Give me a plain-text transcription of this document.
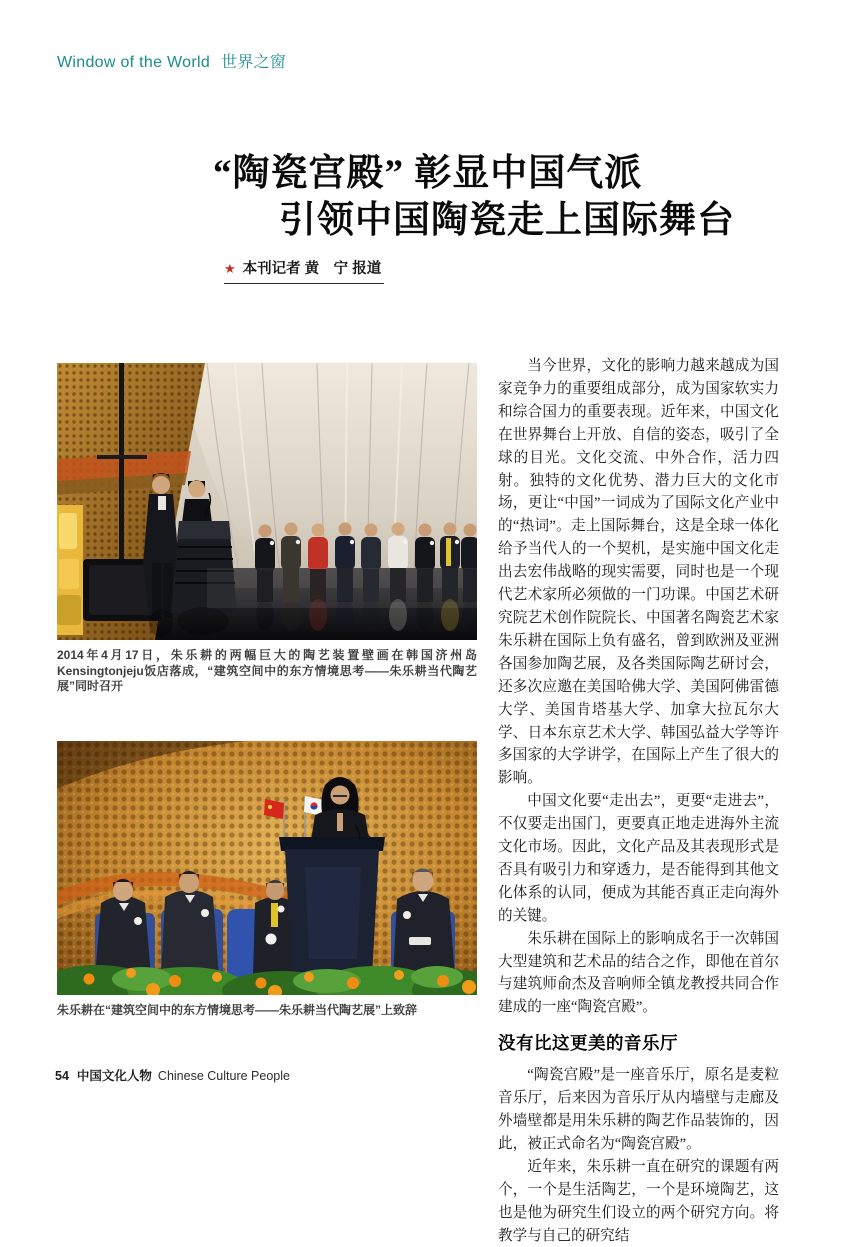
Window of the World 世界之窗
“陶瓷宫殿” 彰显中国气派
引领中国陶瓷走上国际舞台
★ 本刊记者 黄　宁 报道
2014年4月17日，朱乐耕的两幅巨大的陶艺装置壁画在韩国济州岛Kensingtonjeju饭店落成，“建筑空间中的东方情境思考——朱乐耕当代陶艺展”同时召开
朱乐耕在“建筑空间中的东方情境思考——朱乐耕当代陶艺展”上致辞

当今世界，文化的影响力越来越成为国家竞争力的重要组成部分，成为国家软实力和综合国力的重要表现。近年来，中国文化在世界舞台上开放、自信的姿态，吸引了全球的目光。文化交流、中外合作，活力四射。独特的文化优势、潜力巨大的文化市场，更让“中国”一词成为了国际文化产业中的“热词”。走上国际舞台，这是全球一体化给予当代人的一个契机，是实施中国文化走出去宏伟战略的现实需要，同时也是一个现代艺术家所必须做的一门功课。中国艺术研究院艺术创作院院长、中国著名陶瓷艺术家朱乐耕在国际上负有盛名，曾到欧洲及亚洲各国参加陶艺展，及各类国际陶艺研讨会，还多次应邀在美国哈佛大学、美国阿佛雷德大学、美国肯塔基大学、加拿大拉瓦尔大学、日本东京艺术大学、韩国弘益大学等许多国家的大学讲学，在国际上产生了很大的影响。

中国文化要“走出去”，更要“走进去”，不仅要走出国门，更要真正地走进海外主流文化市场。因此，文化产品及其表现形式是否具有吸引力和穿透力，是否能得到其他文化体系的认同，便成为其能否真正走向海外的关键。

朱乐耕在国际上的影响成名于一次韩国大型建筑和艺术品的结合之作，即他在首尔与建筑师俞杰及音响师全镇龙教授共同合作建成的一座“陶瓷宫殿”。

没有比这更美的音乐厅

“陶瓷宫殿”是一座音乐厅，原名是麦粒音乐厅，后来因为音乐厅从内墙壁与走廊及外墙壁都是用朱乐耕的陶艺作品装饰的，因此，被正式命名为“陶瓷宫殿”。

近年来，朱乐耕一直在研究的课题有两个，一个是生活陶艺，一个是环境陶艺，这也是他为研究生们设立的两个研究方向。将教学与自己的研究结

54 中国文化人物 Chinese Culture People
